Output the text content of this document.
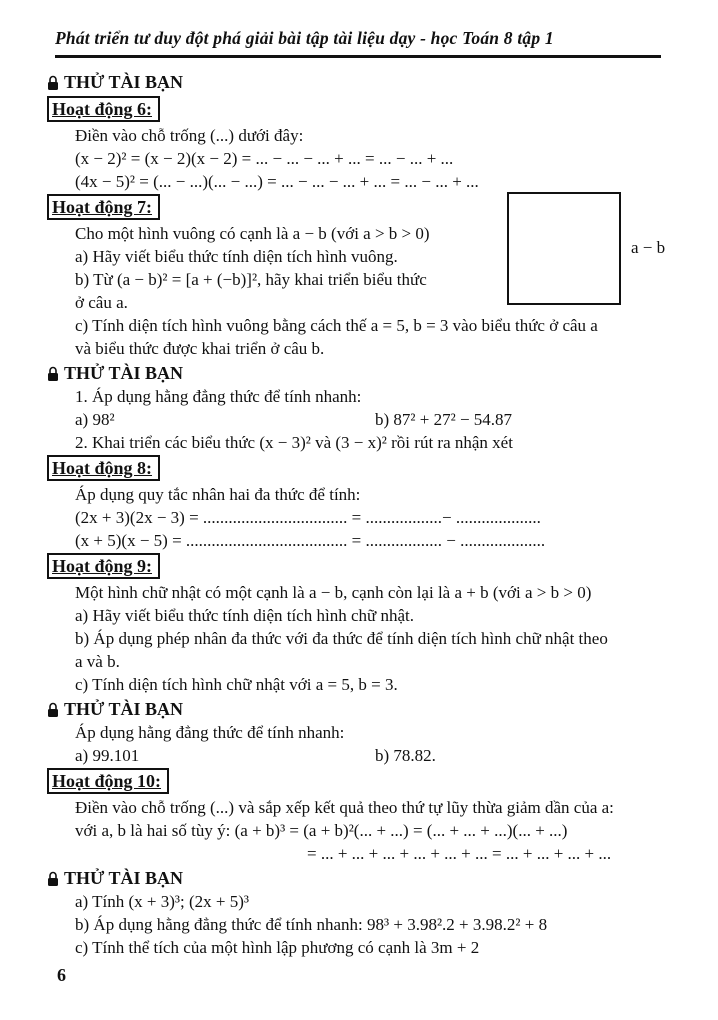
Phát triển tư duy đột phá giải bài tập tài liệu dạy - học Toán 8 tập 1
THỬ TÀI BẠN
Hoạt động 6:

Điền vào chỗ trống (...) dưới đây:

(x − 2)² = (x − 2)(x − 2) = ... − ... − ... + ... = ... − ... + ...

(4x − 5)² = (... − ...)(... − ...) = ... − ... − ... + ... = ... − ... + ...

Hoạt động 7:

Cho một hình vuông có cạnh là a − b (với a > b > 0)

a) Hãy viết biểu thức tính diện tích hình vuông.

b) Từ (a − b)² = [a + (−b)]², hãy khai triển biểu thức

ở câu a.

c) Tính diện tích hình vuông bằng cách thế a = 5, b = 3 vào biểu thức ở câu a

và biểu thức được khai triển ở câu b.

THỬ TÀI BẠN

1. Áp dụng hằng đẳng thức để tính nhanh:

a) 98²	b) 87² + 27² − 54.87

2. Khai triển các biểu thức (x − 3)² và (3 − x)² rồi rút ra nhận xét

Hoạt động 8:

Áp dụng quy tắc nhân hai đa thức để tính:

(2x + 3)(2x − 3) = .................................. = ..................− ....................

(x + 5)(x − 5) = ...................................... = .................. − ....................

Hoạt động 9:

Một hình chữ nhật có một cạnh là a − b, cạnh còn lại là a + b (với a > b > 0)

a) Hãy viết biểu thức tính diện tích hình chữ nhật.

b) Áp dụng phép nhân đa thức với đa thức để tính diện tích hình chữ nhật theo

a và b.

c) Tính diện tích hình chữ nhật với a = 5, b = 3.

THỬ TÀI BẠN

Áp dụng hằng đẳng thức để tính nhanh:

a) 99.101	b) 78.82.
Hoạt động 10:

Điền vào chỗ trống (...) và sắp xếp kết quả theo thứ tự lũy thừa giảm dần của a:

với a, b là hai số tùy ý: (a + b)³ = (a + b)²(... + ...) = (... + ... + ...)(... + ...)

= ... + ... + ... + ... + ... + ... = ... + ... + ... + ...

THỬ TÀI BẠN

a) Tính (x + 3)³; (2x + 5)³

b) Áp dụng hằng đẳng thức để tính nhanh: 98³ + 3.98².2 + 3.98.2² + 8

c) Tính thể tích của một hình lập phương có cạnh là 3m + 2

6
a − b
